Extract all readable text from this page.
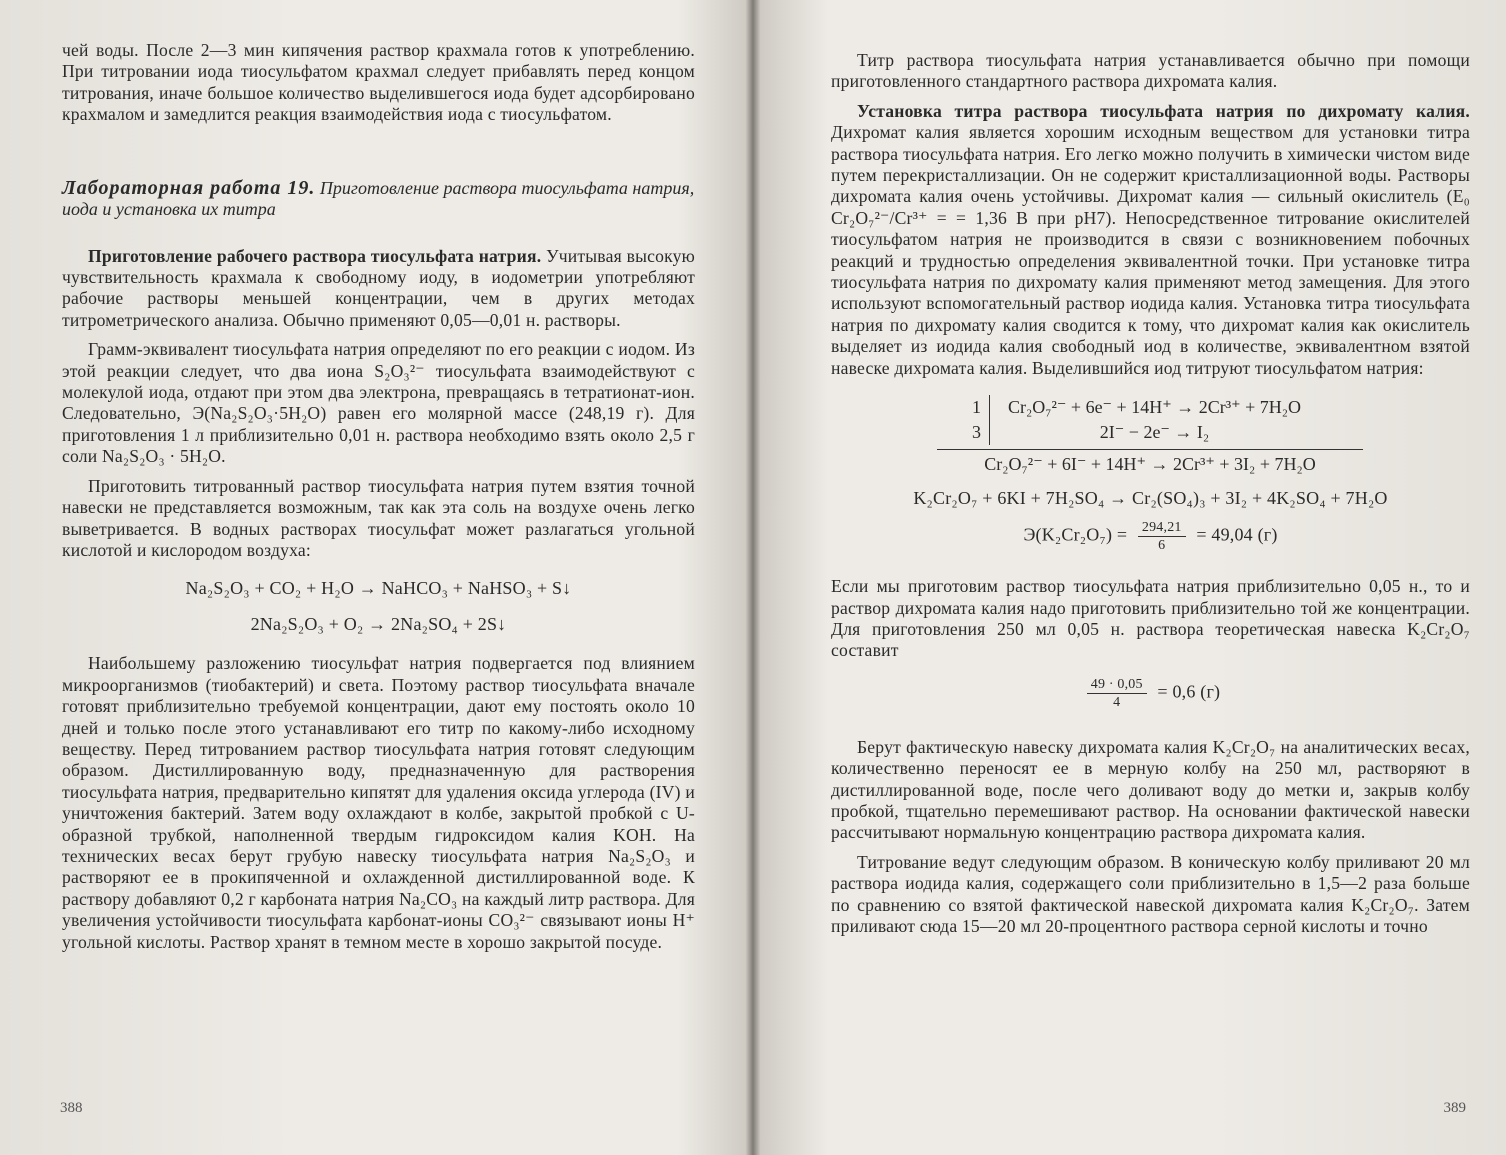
чей воды. После 2—3 мин кипячения раствор крахмала готов к употреблению. При титровании иода тиосульфатом крахмал следует прибавлять перед концом титрования, иначе большое количество выделившегося иода будет адсорбировано крахмалом и замедлится реакция взаимодействия иода с тиосульфатом.

Лабораторная работа 19. Приготовление раствора тиосульфата натрия, иода и установка их титра

Приготовление рабочего раствора тиосульфата натрия. Учитывая высокую чувствительность крахмала к свободному иоду, в иодометрии употребляют рабочие растворы меньшей концентрации, чем в других методах титрометрического анализа. Обычно применяют 0,05—0,01 н. растворы.

Грамм-эквивалент тиосульфата натрия определяют по его реакции с иодом. Из этой реакции следует, что два иона S₂O₃²⁻ тиосульфата взаимодействуют с молекулой иода, отдают при этом два электрона, превращаясь в тетратионат-ион. Следовательно, Э(Na₂S₂O₃·5H₂O) равен его молярной массе (248,19 г). Для приготовления 1 л приблизительно 0,01 н. раствора необходимо взять около 2,5 г соли Na₂S₂O₃ · 5H₂O.

Приготовить титрованный раствор тиосульфата натрия путем взятия точной навески не представляется возможным, так как эта соль на воздухе очень легко выветривается. В водных растворах тиосульфат может разлагаться угольной кислотой и кислородом воздуха:

Na₂S₂O₃ + CO₂ + H₂O → NaHCO₃ + NaHSO₃ + S↓

2Na₂S₂O₃ + O₂ → 2Na₂SO₄ + 2S↓

Наибольшему разложению тиосульфат натрия подвергается под влиянием микроорганизмов (тиобактерий) и света. Поэтому раствор тиосульфата вначале готовят приблизительно требуемой концентрации, дают ему постоять около 10 дней и только после этого устанавливают его титр по какому-либо исходному веществу. Перед титрованием раствор тиосульфата натрия готовят следующим образом. Дистиллированную воду, предназначенную для растворения тиосульфата натрия, предварительно кипятят для удаления оксида углерода (IV) и уничтожения бактерий. Затем воду охлаждают в колбе, закрытой пробкой с U-образной трубкой, наполненной твердым гидроксидом калия KOH. На технических весах берут грубую навеску тиосульфата натрия Na₂S₂O₃ и растворяют ее в прокипяченной и охлажденной дистиллированной воде. К раствору добавляют 0,2 г карбоната натрия Na₂CO₃ на каждый литр раствора. Для увеличения устойчивости тиосульфата карбонат-ионы CO₃²⁻ связывают ионы H⁺ угольной кислоты. Раствор хранят в темном месте в хорошо закрытой посуде.

388

Титр раствора тиосульфата натрия устанавливается обычно при помощи приготовленного стандартного раствора дихромата калия.

Установка титра раствора тиосульфата натрия по дихромату калия. Дихромат калия является хорошим исходным веществом для установки титра раствора тиосульфата натрия. Его легко можно получить в химически чистом виде путем перекристаллизации. Он не содержит кристаллизационной воды. Растворы дихромата калия очень устойчивы. Дихромат калия — сильный окислитель (E₀ Cr₂O₇²⁻/Cr³⁺ = = 1,36 В при pH7). Непосредственное титрование окислителей тиосульфатом натрия не производится в связи с возникновением побочных реакций и трудностью определения эквивалентной точки. При установке титра тиосульфата натрия по дихромату калия применяют метод замещения. Для этого используют вспомогательный раствор иодида калия. Установка титра тиосульфата натрия по дихромату калия сводится к тому, что дихромат калия как окислитель выделяет из иодида калия свободный иод в количестве, эквивалентном взятой навеске дихромата калия. Выделившийся иод титруют тиосульфатом натрия:

1	Cr₂O₇²⁻ + 6e⁻ + 14H⁺ → 2Cr³⁺ + 7H₂O
3	2I⁻ − 2e⁻ → I₂
Cr₂O₇²⁻ + 6I⁻ + 14H⁺ → 2Cr³⁺ + 3I₂ + 7H₂O

K₂Cr₂O₇ + 6KI + 7H₂SO₄ → Cr₂(SO₄)₃ + 3I₂ + 4K₂SO₄ + 7H₂O

$Э(K_2Cr_2O_7) = \frac{294,21}{6} = 49,04$ (г)

Если мы приготовим раствор тиосульфата натрия приблизительно 0,05 н., то и раствор дихромата калия надо приготовить приблизительно той же концентрации. Для приготовления 250 мл 0,05 н. раствора теоретическая навеска K₂Cr₂O₇ составит

$\frac{49 \cdot 0,05}{4} = 0,6$ (г)

Берут фактическую навеску дихромата калия K₂Cr₂O₇ на аналитических весах, количественно переносят ее в мерную колбу на 250 мл, растворяют в дистиллированной воде, после чего доливают воду до метки и, закрыв колбу пробкой, тщательно перемешивают раствор. На основании фактической навески рассчитывают нормальную концентрацию раствора дихромата калия.

Титрование ведут следующим образом. В коническую колбу приливают 20 мл раствора иодида калия, содержащего соли приблизительно в 1,5—2 раза больше по сравнению со взятой фактической навеской дихромата калия K₂Cr₂O₇. Затем приливают сюда 15—20 мл 20-процентного раствора серной кислоты и точно

389
